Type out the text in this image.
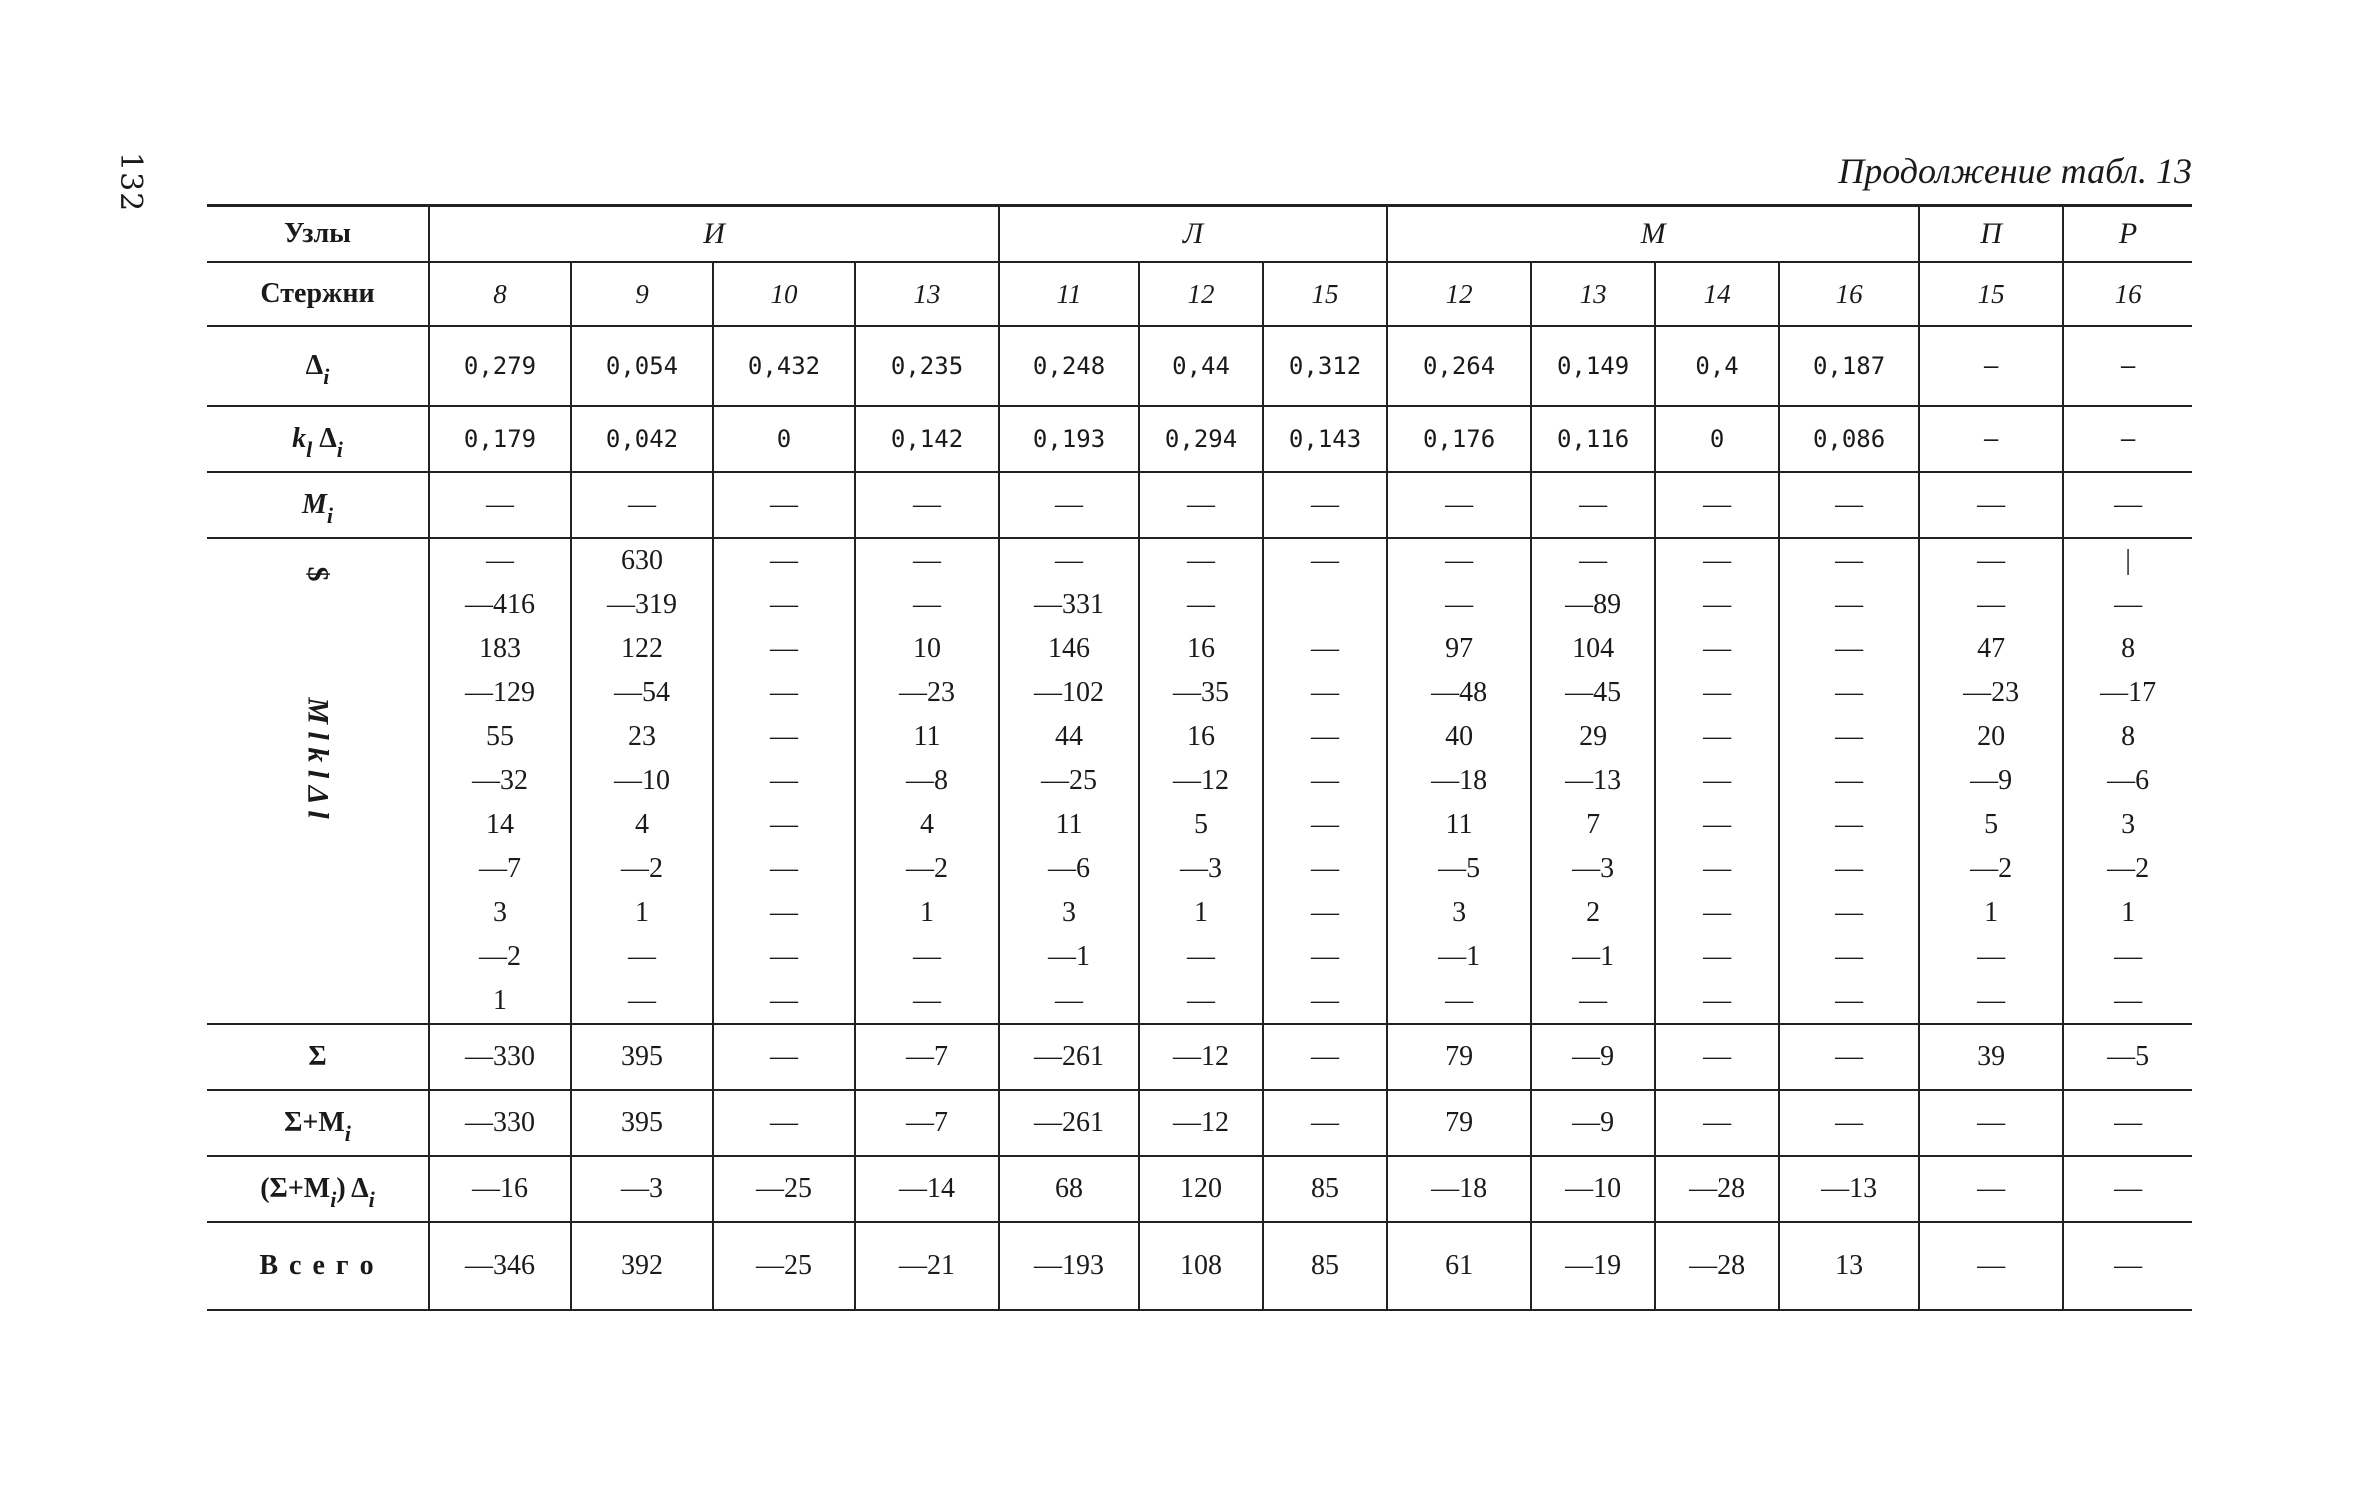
132	Продолжение табл. 13
Узлы	И				Л			М				П	Р
Стержни	8	9	10	13	11	12	15	12	13	14	16	15	16
$\Delta_i$	0,279	0,054	0,432	0,235	0,248	0,44	0,312	0,264	0,149	0,4	0,187	—	—
$k_l$ $\Delta_i$	0,179	0,042	0	0,142	0,193	0,294	0,143	0,176	0,116	0	0,086	—	—
$M_i$	—	—	—	—	—	—	—	—	—	—	—	—	—
$
M l k l Δ l	—	630	—	—	—	—	—	—	—	—	—	—	|
	—416	—319	—	—	—331	—		—	—89	—	—	—	—
	183	122	—	10	146	16	—	97	104	—	—	47	8
	—129	—54	—	—23	—102	—35	—	—48	—45	—	—	—23	—17
	55	23	—	11	44	16	—	40	29	—	—	20	8
	—32	—10	—	—8	—25	—12	—	—18	—13	—	—	—9	—6
	14	4	—	4	11	5	—	11	7	—	—	5	3
	—7	—2	—	—2	—6	—3	—	—5	—3	—	—	—2	—2
	3	1	—	1	3	1	—	3	2	—	—	1	1
	—2	—	—	—	—1	—	—	—1	—1	—	—	—	—
	1	—	—	—	—	—	—	—	—	—	—	—	—
Σ	—330	395	—	—7	—261	—12	—	79	—9	—	—	39	—5
$\Sigma+M_i$	—330	395	—	—7	—261	—12	—	79	—9	—	—	—	—
$(\Sigma+M_i)$ $\Delta_i$	—16	—3	—25	—14	68	120	85	—18	—10	—28	—13	—	—
В с е г о	—346	392	—25	—21	—193	108	85	61	—19	—28	13	—	—
